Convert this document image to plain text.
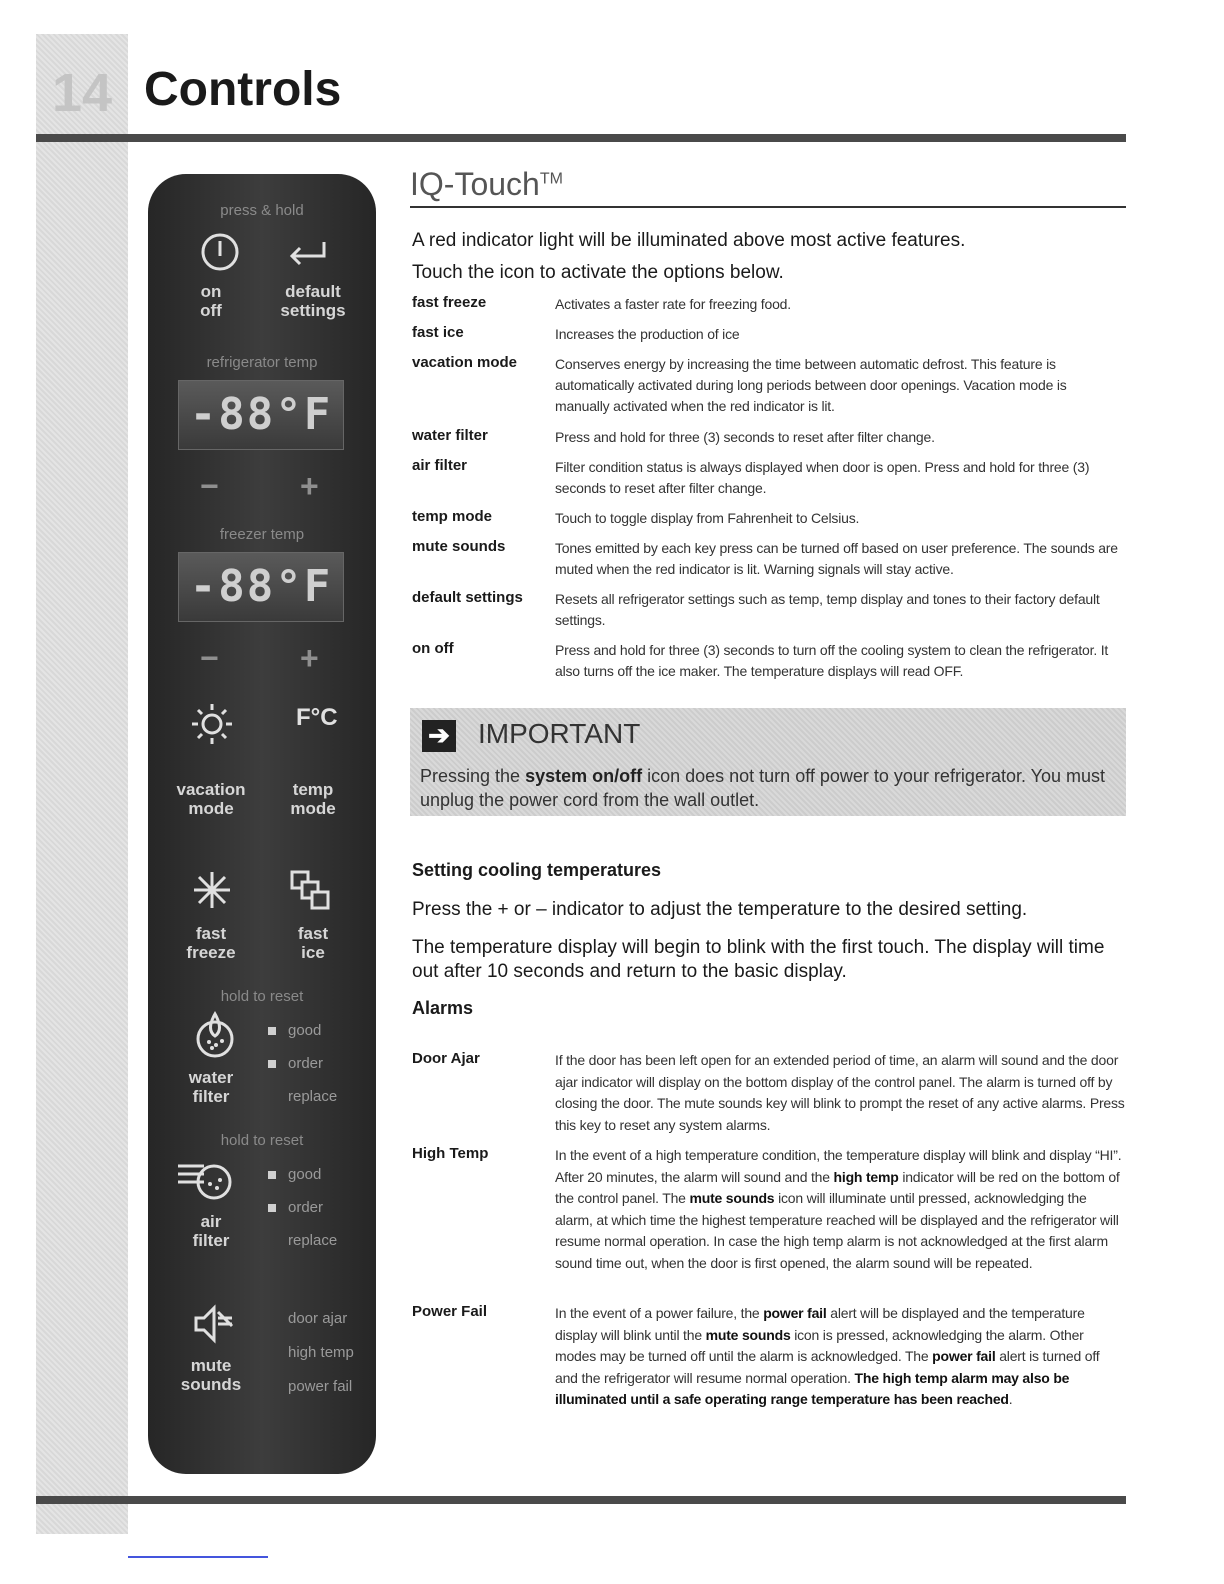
14 Controls
press & hold
on
off
default
settings
refrigerator temp
-88°F
−	+
freezer temp
-88°F
−	+
F°C
vacation
mode
temp
mode
fast
freeze
fast
ice
hold to reset
good
order
replace
water
filter
hold to reset
good
order
replace
air
filter
door ajar
high temp
power fail
mute
sounds
IQ-Touch™
A red indicator light will be illuminated above most active features.
Touch the icon to activate the options below.
fast freeze	Activates a faster rate for freezing food.
fast ice	Increases the production of ice
vacation mode	Conserves energy by increasing the time between automatic defrost. This feature is automatically activated during long periods between door openings. Vacation mode is manually activated when the red indicator is lit.
water filter	Press and hold for three (3) seconds to reset after filter change.
air filter	Filter condition status is always displayed when door is open. Press and hold for three (3) seconds to reset after filter change.
temp mode	Touch to toggle display from Fahrenheit to Celsius.
mute sounds	Tones emitted by each key press can be turned off based on user preference. The sounds are muted when the red indicator is lit. Warning signals will stay active.
default settings	Resets all refrigerator settings such as temp, temp display and tones to their factory default settings.
on off	Press and hold for three (3) seconds to turn off the cooling system to clean the refrigerator. It also turns off the ice maker. The temperature displays will read OFF.
➔ IMPORTANT
Pressing the system on/off icon does not turn off power to your refrigerator. You must unplug the power cord from the wall outlet.
Setting cooling temperatures
Press the + or – indicator to adjust the temperature to the desired setting.
The temperature display will begin to blink with the first touch. The display will time out after 10 seconds and return to the basic display.
Alarms
Door Ajar	If the door has been left open for an extended period of time, an alarm will sound and the door ajar indicator will display on the bottom display of the control panel. The alarm is turned off by closing the door. The mute sounds key will blink to prompt the reset of any active alarms. Press this key to reset any system alarms.
High Temp	In the event of a high temperature condition, the temperature display will blink and display “HI”. After 20 minutes, the alarm will sound and the high temp indicator will be red on the bottom of the control panel. The mute sounds icon will illuminate until pressed, acknowledging the alarm, at which time the highest temperature reached will be displayed and the refrigerator will resume normal operation. In case the high temp alarm is not acknowledged at the first alarm sound time out, when the door is first opened, the alarm sound will be repeated.
Power Fail	In the event of a power failure, the power fail alert will be displayed and the temperature display will blink until the mute sounds icon is pressed, acknowledging the alarm. Other modes may be turned off until the alarm is acknowledged. The power fail alert is turned off and the refrigerator will resume normal operation. The high temp alarm may also be illuminated until a safe operating range temperature has been reached.
